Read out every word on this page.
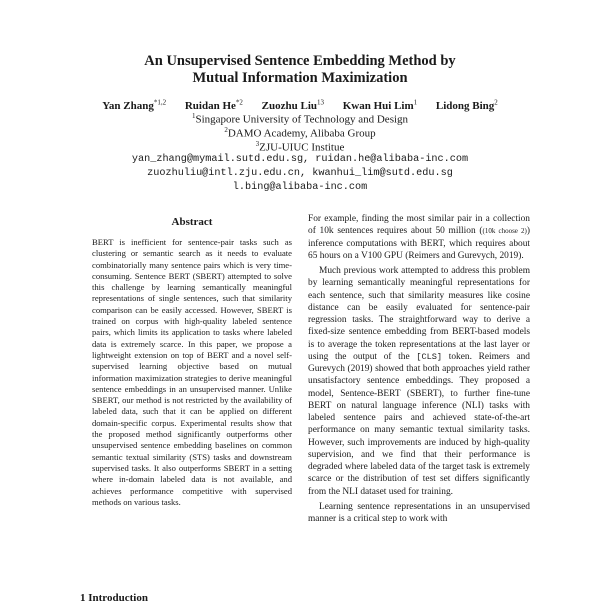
An Unsupervised Sentence Embedding Method by
Mutual Information Maximization
Yan Zhang$^{*1,2}$ Ruidan He$^{*2}$ Zuozhu Liu$^{13}$ Kwan Hui Lim$^1$ Lidong Bing$^2$
$^1$Singapore University of Technology and Design
$^2$DAMO Academy, Alibaba Group
$^3$ZJU-UIUC Institue
yan_zhang@mymail.sutd.edu.sg, ruidan.he@alibaba-inc.com
zuozhuliu@intl.zju.edu.cn, kwanhui_lim@sutd.edu.sg
l.bing@alibaba-inc.com
Abstract
BERT is inefficient for sentence-pair tasks such as clustering or semantic search as it needs to evaluate combinatorially many sentence pairs which is very time-consuming. Sentence BERT (SBERT) attempted to solve this challenge by learning semantically meaningful representations of single sentences, such that similarity comparison can be easily accessed. However, SBERT is trained on corpus with high-quality labeled sentence pairs, which limits its application to tasks where labeled data is extremely scarce. In this paper, we propose a lightweight extension on top of BERT and a novel self-supervised learning objective based on mutual information maximization strategies to derive meaningful sentence embeddings in an unsupervised manner. Unlike SBERT, our method is not restricted by the availability of labeled data, such that it can be applied on different domain-specific corpus. Experimental results show that the proposed method significantly outperforms other unsupervised sentence embedding baselines on common semantic textual similarity (STS) tasks and downstream supervised tasks. It also outperforms SBERT in a setting where in-domain labeled data is not available, and achieves performance competitive with supervised methods on various tasks.

For example, finding the most similar pair in a collection of 10k sentences requires about 50 million ((10k choose 2)) inference computations with BERT, which requires about 65 hours on a V100 GPU (Reimers and Gurevych, 2019).

Much previous work attempted to address this problem by learning semantically meaningful representations for each sentence, such that similarity measures like cosine distance can be easily evaluated for sentence-pair regression tasks. The straightforward way to derive a fixed-size sentence embedding from BERT-based models is to average the token representations at the last layer or using the output of the [CLS] token. Reimers and Gurevych (2019) showed that both approaches yield rather unsatisfactory sentence embeddings. They proposed a model, Sentence-BERT (SBERT), to further fine-tune BERT on natural language inference (NLI) tasks with labeled sentence pairs and achieved state-of-the-art performance on many semantic textual similarity tasks. However, such improvements are induced by high-quality supervision, and we find that their performance is degraded where labeled data of the target task is extremely scarce or the distribution of test set differs significantly from the NLI dataset used for training.

Learning sentence representations in an unsupervised manner is a critical step to work with

1 Introduction
